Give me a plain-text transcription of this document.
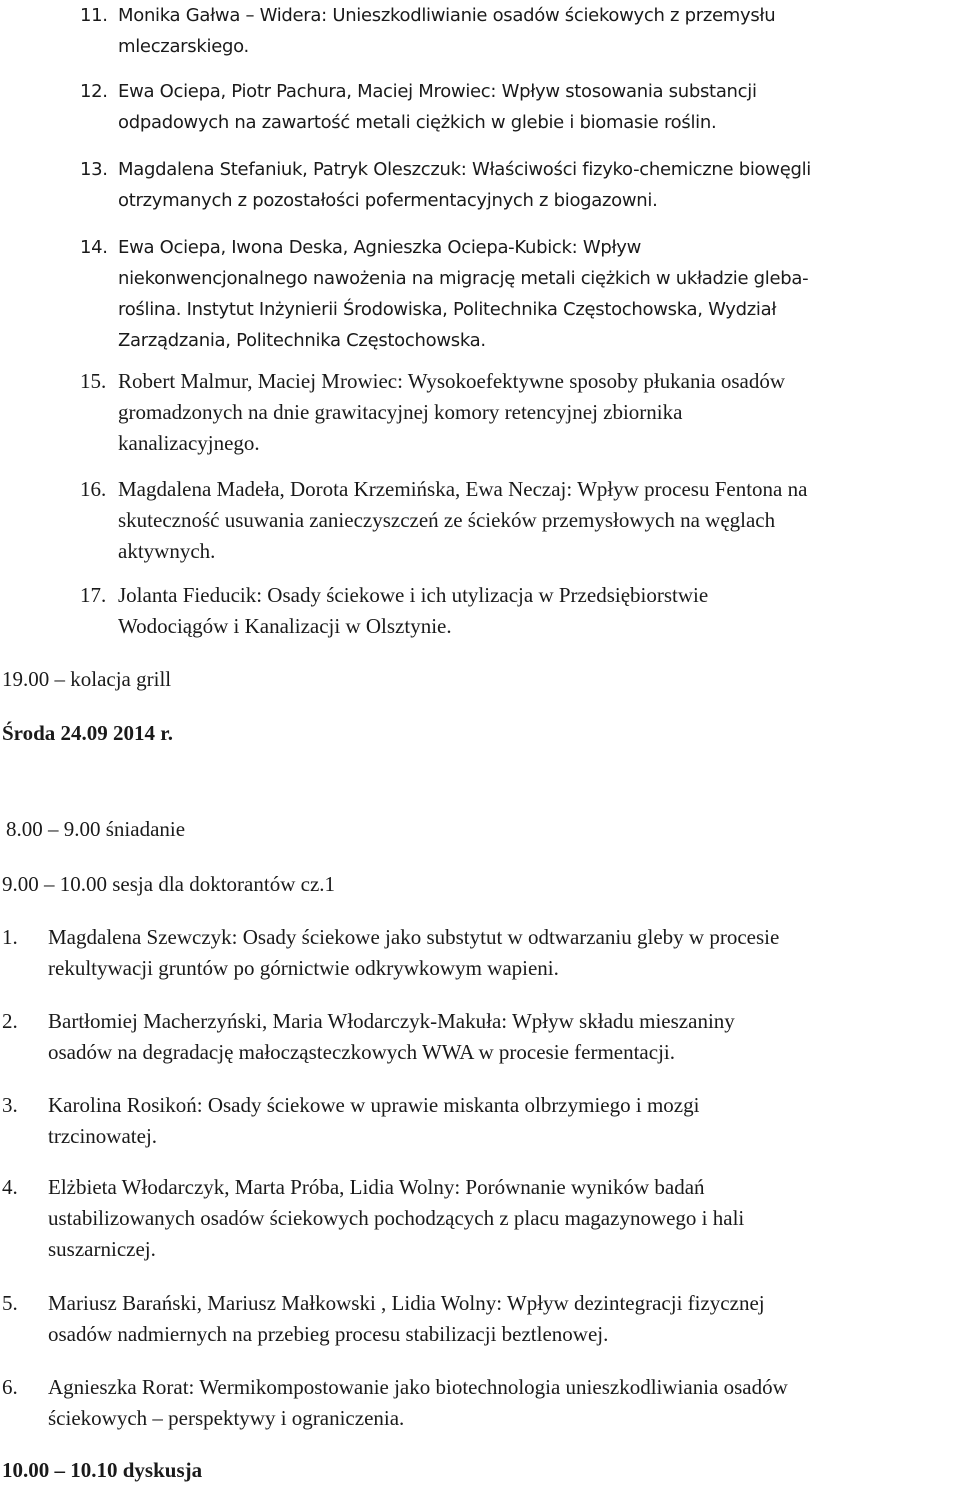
11. Monika Gałwa – Widera: Unieszkodliwianie osadów ściekowych z przemysłu
mleczarskiego.
12. Ewa Ociepa, Piotr Pachura, Maciej Mrowiec: Wpływ stosowania substancji
odpadowych na zawartość metali ciężkich w glebie i biomasie roślin.
13. Magdalena Stefaniuk, Patryk Oleszczuk: Właściwości fizyko-chemiczne biowęgli
otrzymanych z pozostałości pofermentacyjnych z biogazowni.
14. Ewa Ociepa, Iwona Deska, Agnieszka Ociepa-Kubick: Wpływ
niekonwencjonalnego nawożenia na migrację metali ciężkich w układzie gleba-
roślina. Instytut Inżynierii Środowiska, Politechnika Częstochowska, Wydział
Zarządzania, Politechnika Częstochowska.
15. Robert Malmur, Maciej Mrowiec: Wysokoefektywne sposoby płukania osadów
gromadzonych na dnie grawitacyjnej komory retencyjnej zbiornika
kanalizacyjnego.
16. Magdalena Madeła, Dorota Krzemińska, Ewa Neczaj: Wpływ procesu Fentona na
skuteczność usuwania zanieczyszczeń ze ścieków przemysłowych na węglach
aktywnych.
17. Jolanta Fieducik: Osady ściekowe i ich utylizacja w Przedsiębiorstwie
Wodociągów i Kanalizacji w Olsztynie.
19.00 – kolacja grill
Środa 24.09 2014 r.
8.00 – 9.00 śniadanie
9.00 – 10.00 sesja dla doktorantów cz.1
1. Magdalena Szewczyk: Osady ściekowe jako substytut w odtwarzaniu gleby w procesie
rekultywacji gruntów po górnictwie odkrywkowym wapieni.
2. Bartłomiej Macherzyński, Maria Włodarczyk-Makuła: Wpływ składu mieszaniny
osadów na degradację małocząsteczkowych WWA w procesie fermentacji.
3. Karolina Rosikoń: Osady ściekowe w uprawie miskanta olbrzymiego i mozgi
trzcinowatej.
4. Elżbieta Włodarczyk, Marta Próba, Lidia Wolny: Porównanie wyników badań
ustabilizowanych osadów ściekowych pochodzących z placu magazynowego i hali
suszarniczej.
5. Mariusz Barański, Mariusz Małkowski , Lidia Wolny: Wpływ dezintegracji fizycznej
osadów nadmiernych na przebieg procesu stabilizacji beztlenowej.
6. Agnieszka Rorat: Wermikompostowanie jako biotechnologia unieszkodliwiania osadów
ściekowych – perspektywy i ograniczenia.
10.00 – 10.10 dyskusja
